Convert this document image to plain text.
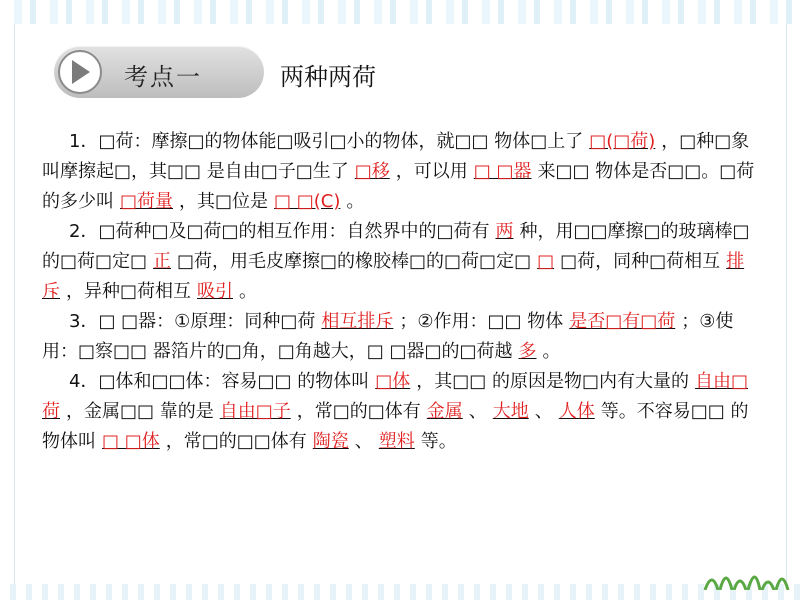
考点一	两种两荷

1．□荷：摩擦□的物体能□吸引□小的物体，就□□ 物体□上了 □(□荷) ，□种□象叫摩擦起□，其□□ 是自由□子□生了 □移 ，可以用 □ □器 来□□ 物体是否□□。□荷的多少叫 □荷量 ，其□位是 □ □(C) 。

2．□荷种□及□荷□的相互作用：自然界中的□荷有 两 种，用□□摩擦□的玻璃棒□的□荷□定□ 正 □荷，用毛皮摩擦□的橡胶棒□的□荷□定□ □ □荷，同种□荷相互 排斥 ，异种□荷相互 吸引 。

3．□ □器：①原理：同种□荷 相互排斥 ；②作用：□□ 物体 是否□有□荷 ；③使用：□察□□ 器箔片的□角，□角越大，□ □器□的□荷越 多 。

4．□体和□□体：容易□□ 的物体叫 □体 ，其□□ 的原因是物□内有大量的 自由□荷 ，金属□□ 靠的是 自由□子 ，常□的□体有 金属 、 大地 、 人体 等。不容易□□ 的物体叫 □ □体 ，常□的□□体有 陶瓷 、 塑料 等。
